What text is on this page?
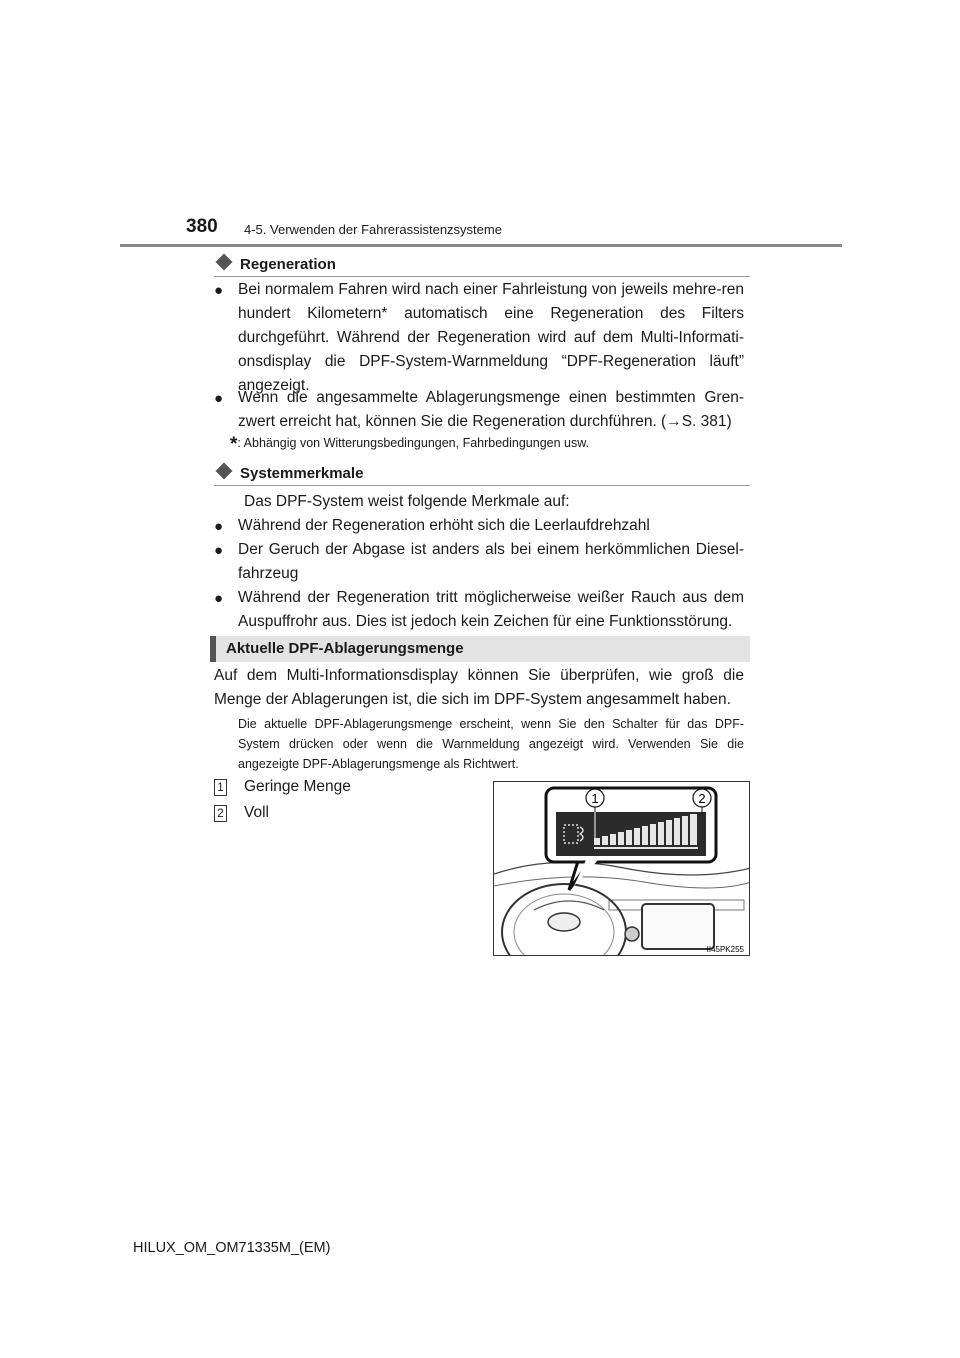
380 4-5. Verwenden der Fahrerassistenzsysteme
Regeneration
● Bei normalem Fahren wird nach einer Fahrleistung von jeweils mehre-ren hundert Kilometern* automatisch eine Regeneration des Filters durchgeführt. Während der Regeneration wird auf dem Multi-Informati-onsdisplay die DPF-System-Warnmeldung “DPF-Regeneration läuft” angezeigt.
● Wenn die angesammelte Ablagerungsmenge einen bestimmten Gren-zwert erreicht hat, können Sie die Regeneration durchführen. (→S. 381)
*: Abhängig von Witterungsbedingungen, Fahrbedingungen usw.
Systemmerkmale
Das DPF-System weist folgende Merkmale auf:
● Während der Regeneration erhöht sich die Leerlaufdrehzahl
● Der Geruch der Abgase ist anders als bei einem herkömmlichen Diesel-fahrzeug
● Während der Regeneration tritt möglicherweise weißer Rauch aus dem Auspuffrohr aus. Dies ist jedoch kein Zeichen für eine Funktionsstörung.
Aktuelle DPF-Ablagerungsmenge
Auf dem Multi-Informationsdisplay können Sie überprüfen, wie groß die Menge der Ablagerungen ist, die sich im DPF-System angesammelt haben.
Die aktuelle DPF-Ablagerungsmenge erscheint, wenn Sie den Schalter für das DPF-System drücken oder wenn die Warnmeldung angezeigt wird. Verwenden Sie die angezeigte DPF-Ablagerungsmenge als Richtwert.
1 Geringe Menge
2 Voll
1	2
II45PK255
HILUX_OM_OM71335M_(EM)
